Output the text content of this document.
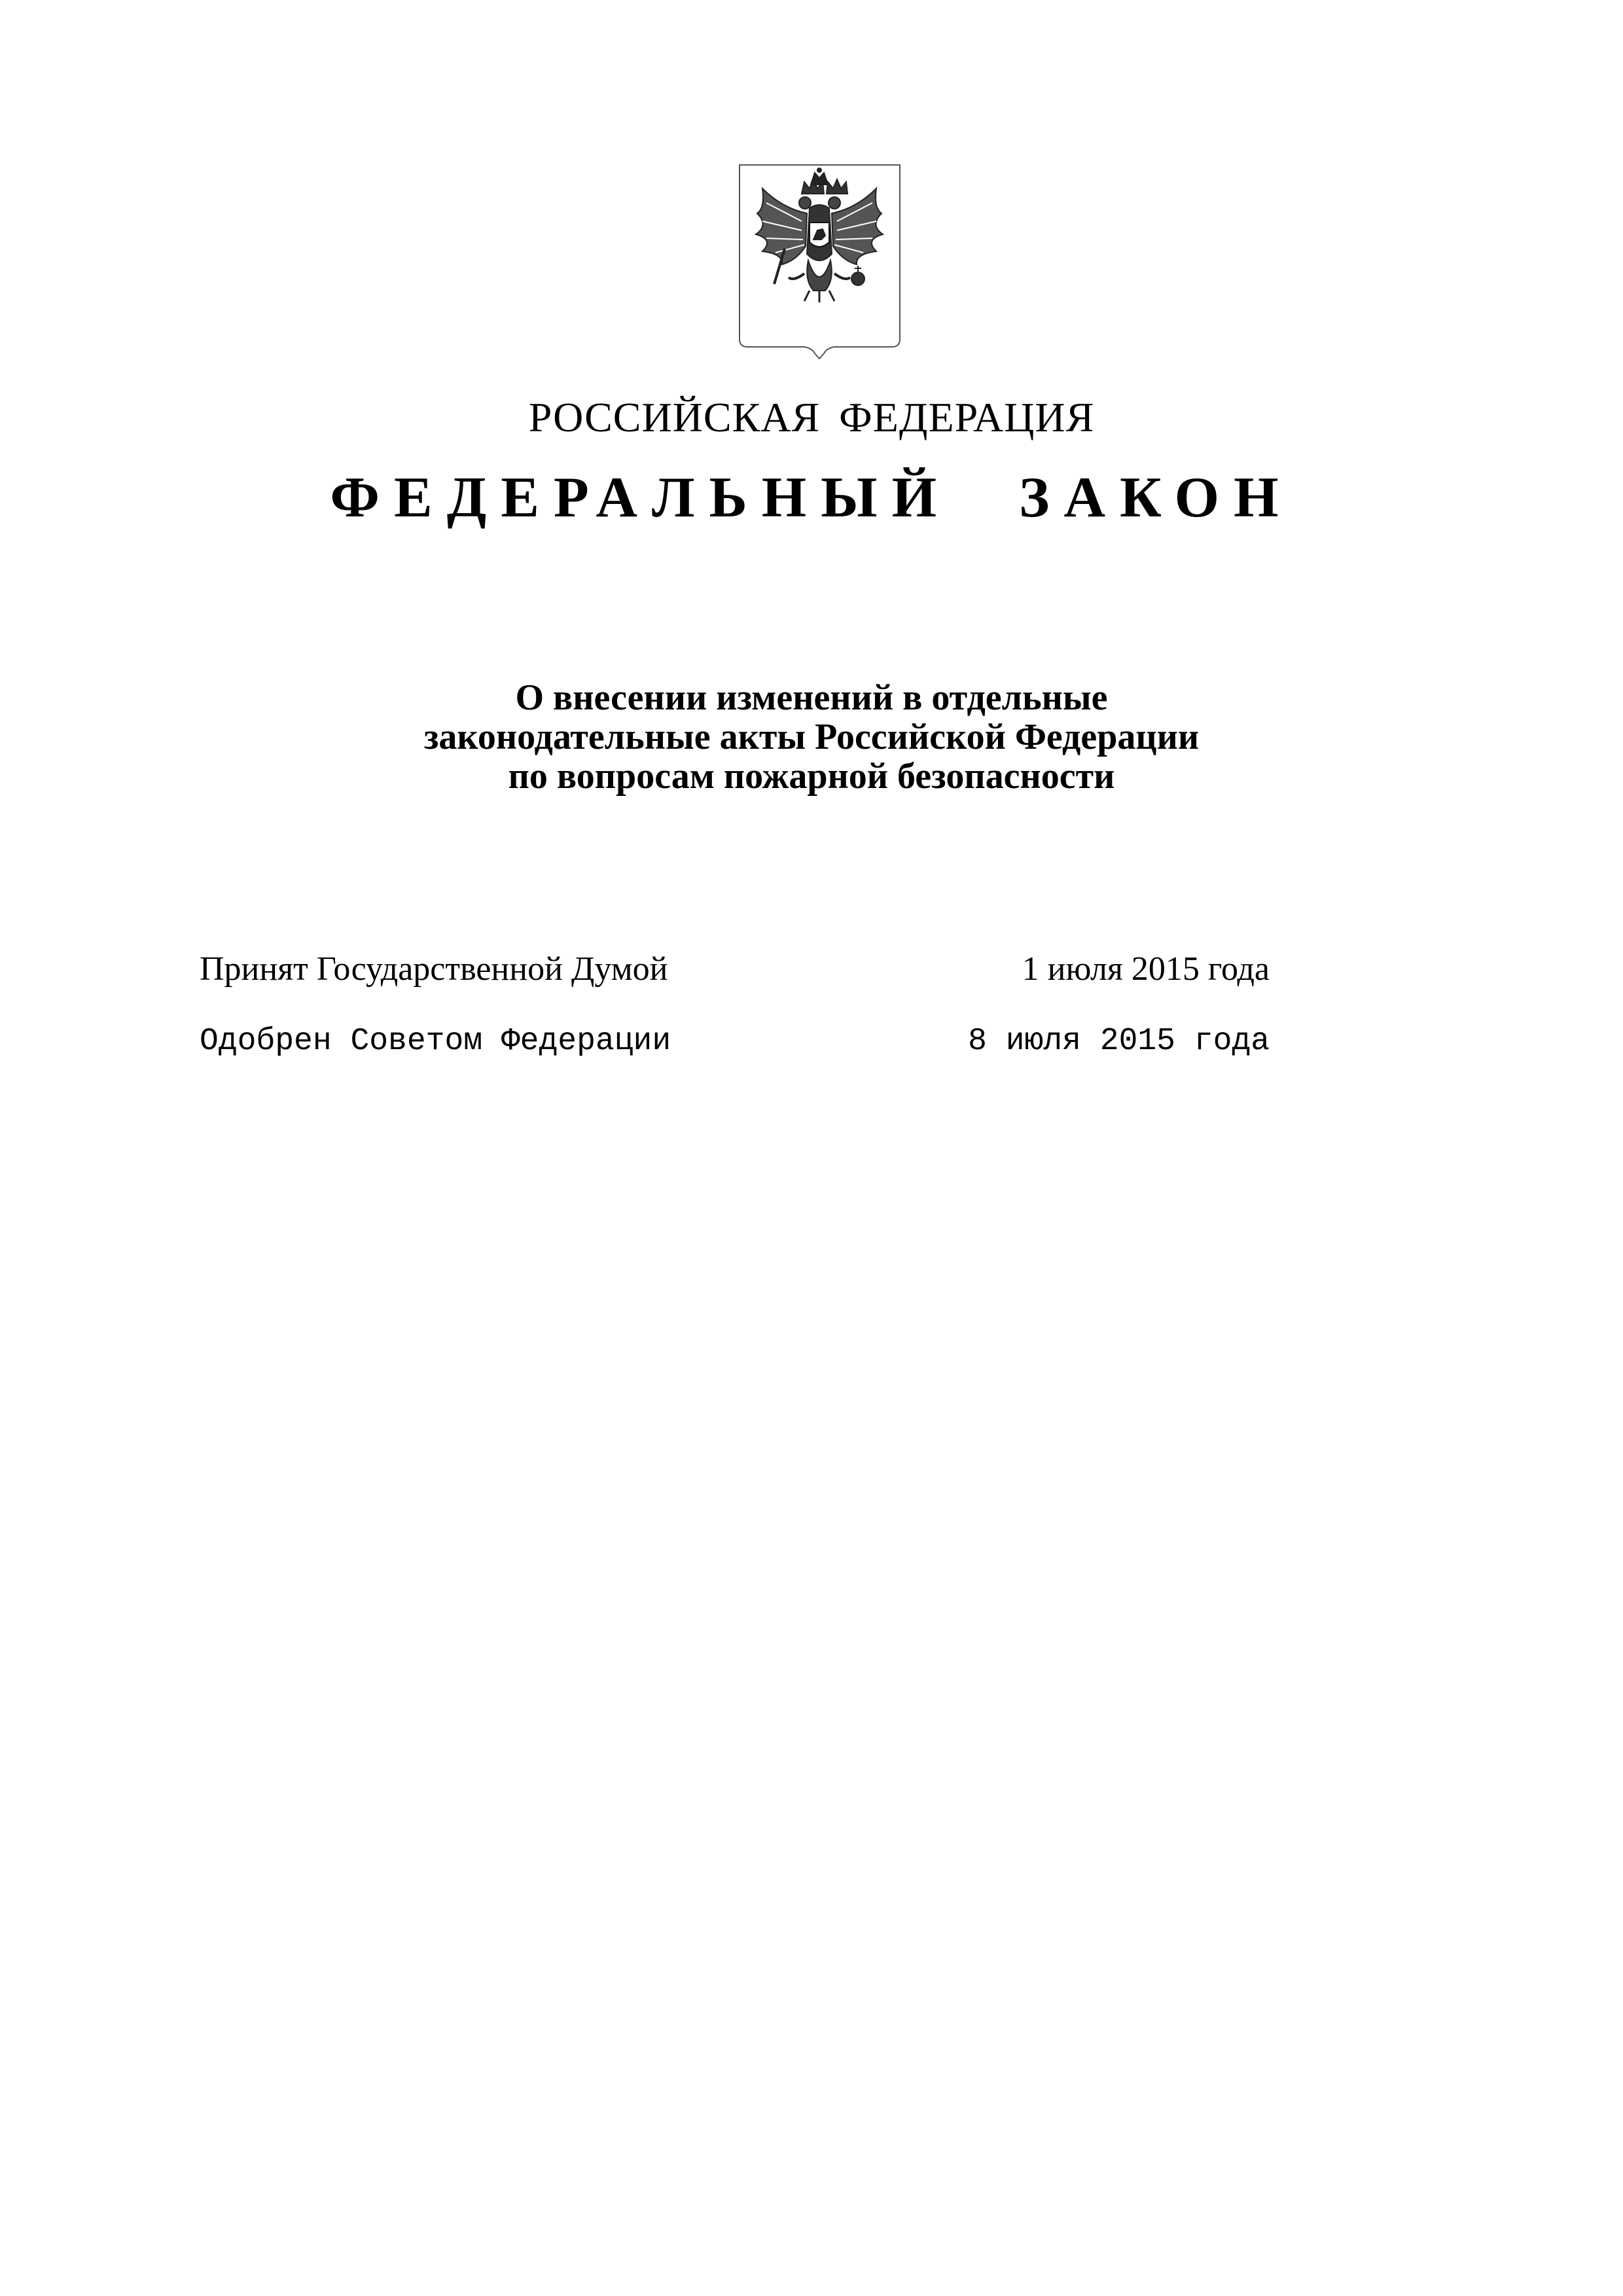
РОССИЙСКАЯ ФЕДЕРАЦИЯ
ФЕДЕРАЛЬНЫЙ ЗАКОН
О внесении изменений в отдельные
законодательные акты Российской Федерации
по вопросам пожарной безопасности
Принят Государственной Думой	1 июля 2015 года
Одобрен Советом Федерации	8 июля 2015 года
